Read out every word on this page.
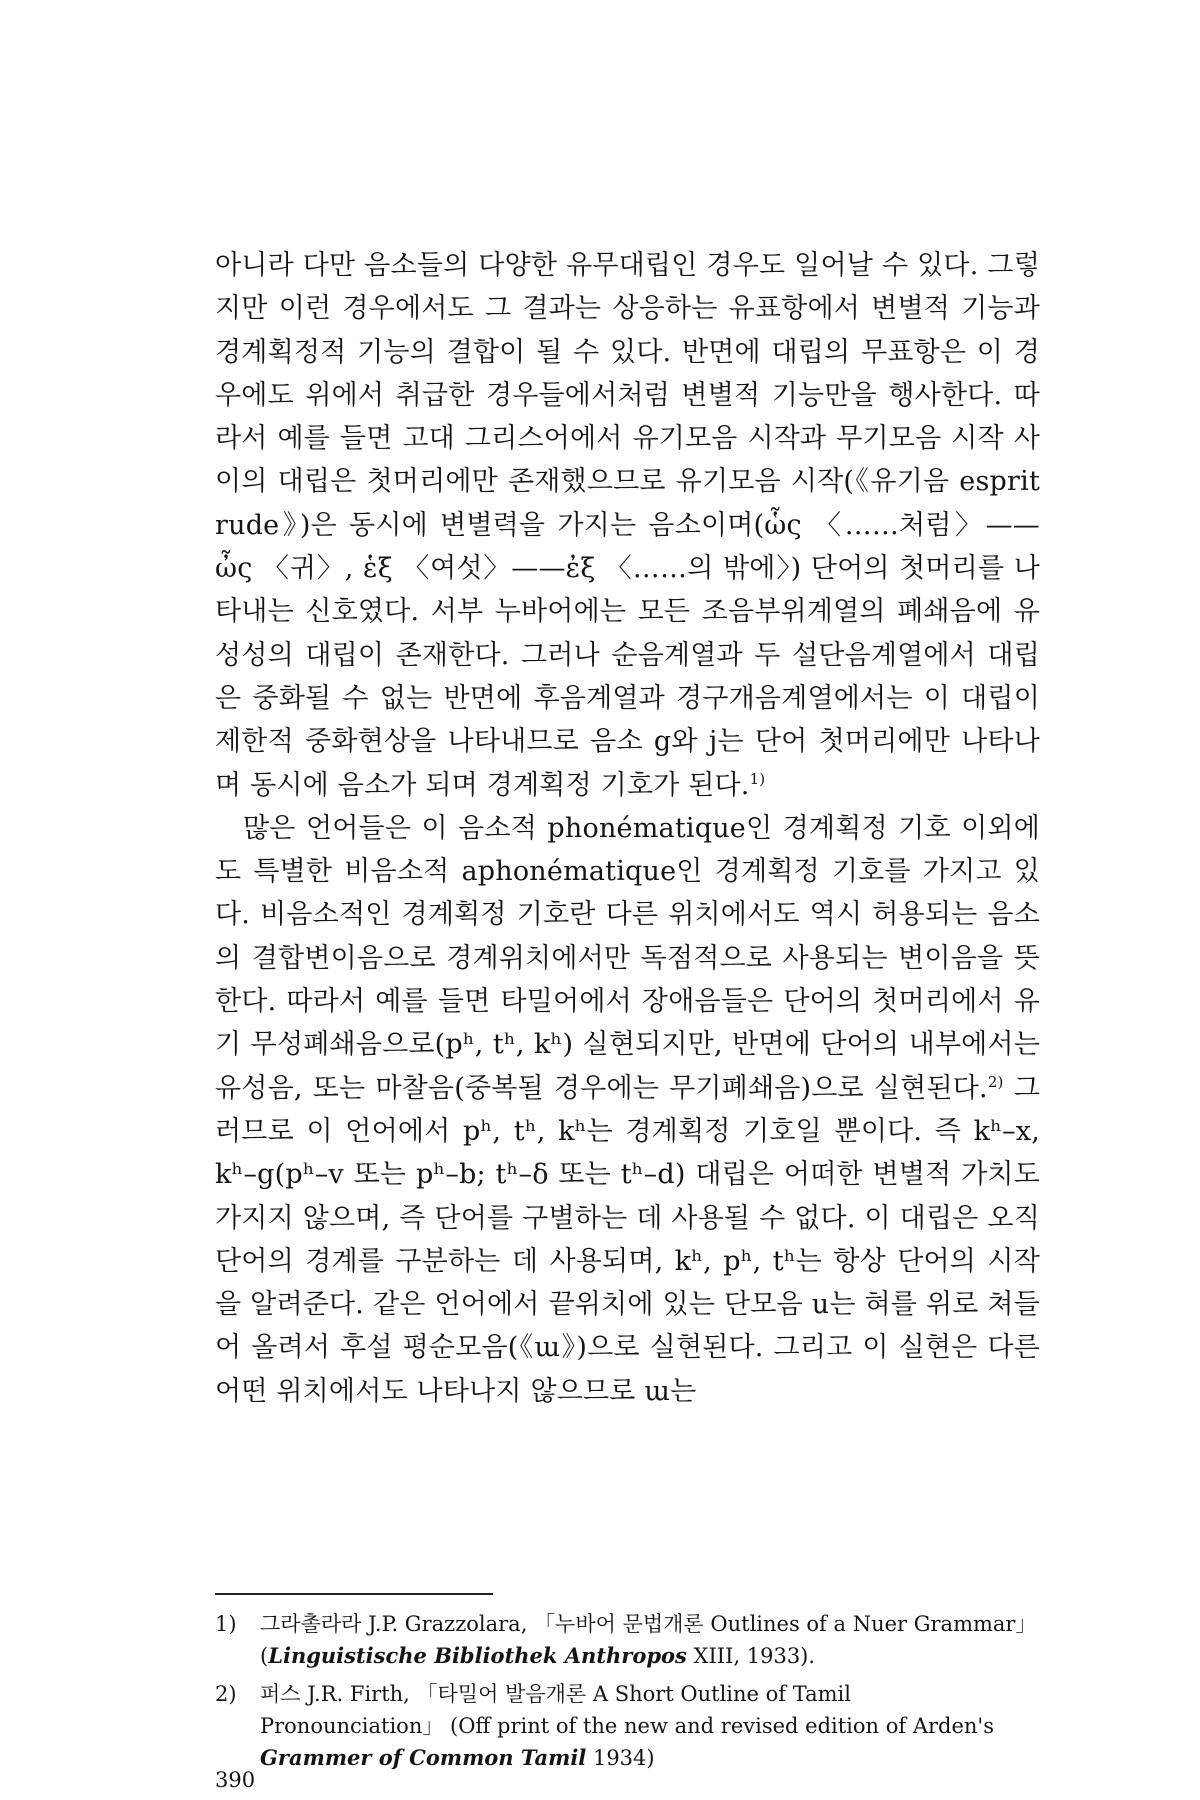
아니라 다만 음소들의 다양한 유무대립인 경우도 일어날 수 있다. 그렇지만 이런 경우에서도 그 결과는 상응하는 유표항에서 변별적 기능과 경계획정적 기능의 결합이 될 수 있다. 반면에 대립의 무표항은 이 경우에도 위에서 취급한 경우들에서처럼 변별적 기능만을 행사한다. 따라서 예를 들면 고대 그리스어에서 유기모음 시작과 무기모음 시작 사이의 대립은 첫머리에만 존재했으므로 유기모음 시작(《유기음 esprit rude》)은 동시에 변별력을 가지는 음소이며(ὧς 〈……처럼〉——ὦς 〈귀〉, ἑξ 〈여섯〉——ἐξ 〈……의 밖에〉) 단어의 첫머리를 나타내는 신호였다. 서부 누바어에는 모든 조음부위계열의 폐쇄음에 유성성의 대립이 존재한다. 그러나 순음계열과 두 설단음계열에서 대립은 중화될 수 없는 반면에 후음계열과 경구개음계열에서는 이 대립이 제한적 중화현상을 나타내므로 음소 g와 j는 단어 첫머리에만 나타나며 동시에 음소가 되며 경계획정 기호가 된다.$^{1)}$

많은 언어들은 이 음소적 phonématique인 경계획정 기호 이외에도 특별한 비음소적 aphonématique인 경계획정 기호를 가지고 있다. 비음소적인 경계획정 기호란 다른 위치에서도 역시 허용되는 음소의 결합변이음으로 경계위치에서만 독점적으로 사용되는 변이음을 뜻한다. 따라서 예를 들면 타밀어에서 장애음들은 단어의 첫머리에서 유기 무성폐쇄음으로(pʰ, tʰ, kʰ) 실현되지만, 반면에 단어의 내부에서는 유성음, 또는 마찰음(중복될 경우에는 무기폐쇄음)으로 실현된다.$^{2)}$ 그러므로 이 언어에서 pʰ, tʰ, kʰ는 경계획정 기호일 뿐이다. 즉 kʰ–x, kʰ–g(pʰ–v 또는 pʰ–b; tʰ–δ 또는 tʰ–d) 대립은 어떠한 변별적 가치도 가지지 않으며, 즉 단어를 구별하는 데 사용될 수 없다. 이 대립은 오직 단어의 경계를 구분하는 데 사용되며, kʰ, pʰ, tʰ는 항상 단어의 시작을 알려준다. 같은 언어에서 끝위치에 있는 단모음 u는 혀를 위로 쳐들어 올려서 후설 평순모음(《ɯ》)으로 실현된다. 그리고 이 실현은 다른 어떤 위치에서도 나타나지 않으므로 ɯ는

1) 그라촐라라 J.P. Grazzolara, 「누바어 문법개론 Outlines of a Nuer Grammar」 (Linguistische Bibliothek Anthropos XIII, 1933).
2) 퍼스 J.R. Firth, 「타밀어 발음개론 A Short Outline of Tamil Pronounciation」 (Off print of the new and revised edition of Arden's Grammer of Common Tamil 1934)
390
